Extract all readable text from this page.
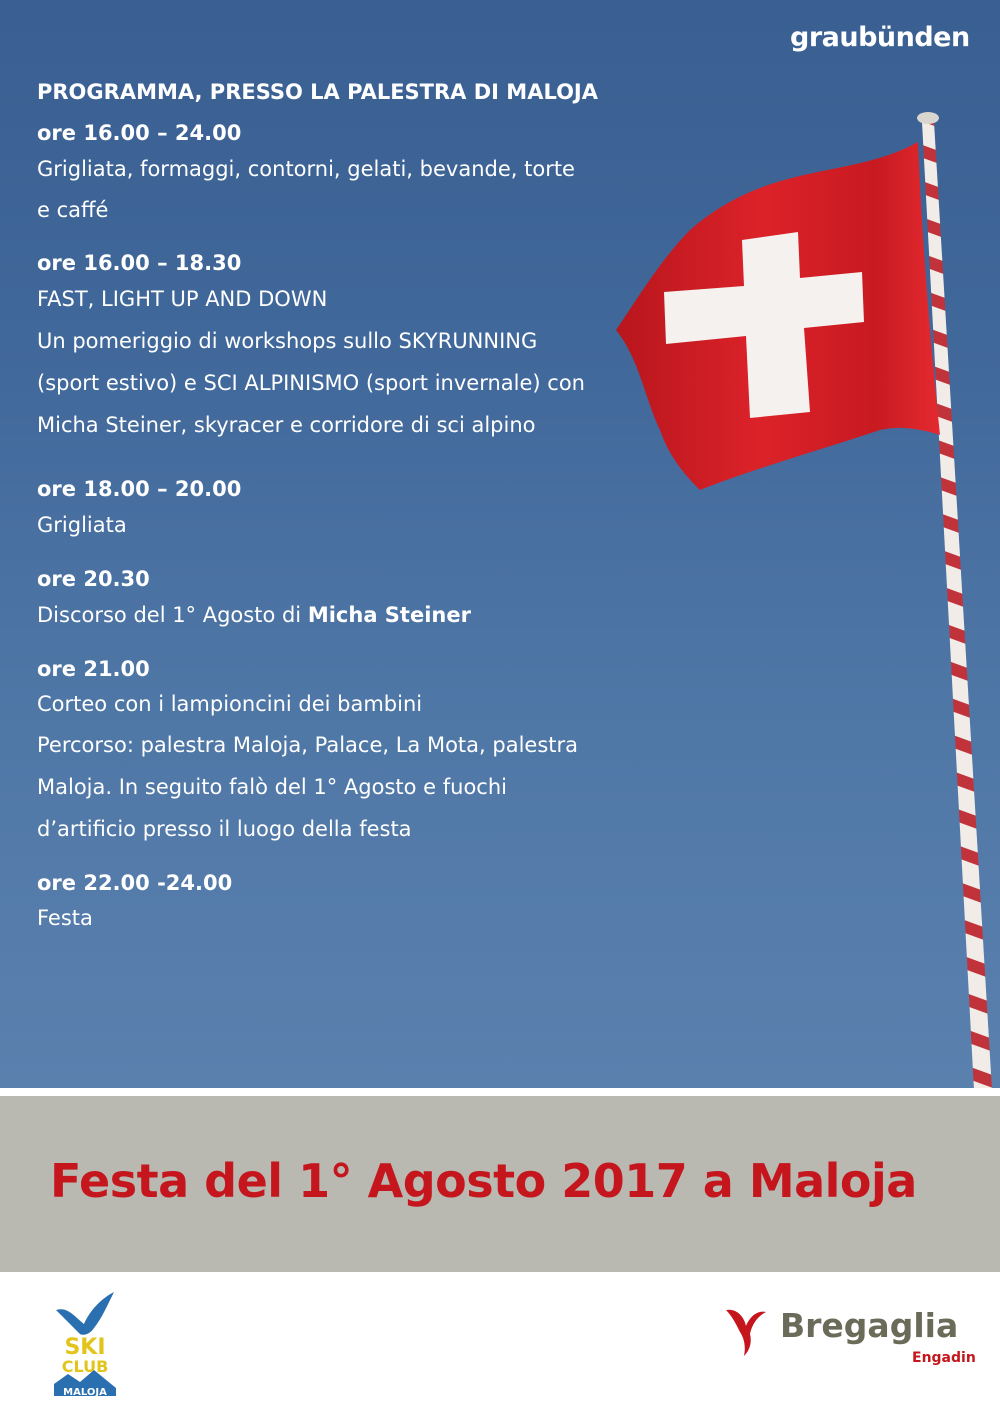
graubünden
PROGRAMMA, PRESSO LA PALESTRA DI MALOJA
ore 16.00 – 24.00
Grigliata, formaggi, contorni, gelati, bevande, torte
e caffé
ore 16.00 – 18.30
FAST, LIGHT UP AND DOWN
Un pomeriggio di workshops sullo SKYRUNNING
(sport estivo) e SCI ALPINISMO (sport invernale) con
Micha Steiner, skyracer e corridore di sci alpino
ore 18.00 – 20.00
Grigliata
ore 20.30
Discorso del 1° Agosto di Micha Steiner
ore 21.00
Corteo con i lampioncini dei bambini
Percorso: palestra Maloja, Palace, La Mota, palestra
Maloja. In seguito falò del 1° Agosto e fuochi
d’artificio presso il luogo della festa
ore 22.00 -24.00
Festa
Festa del 1° Agosto 2017 a Maloja
SKI
CLUB
MALOJA
Bregaglia
Engadin
